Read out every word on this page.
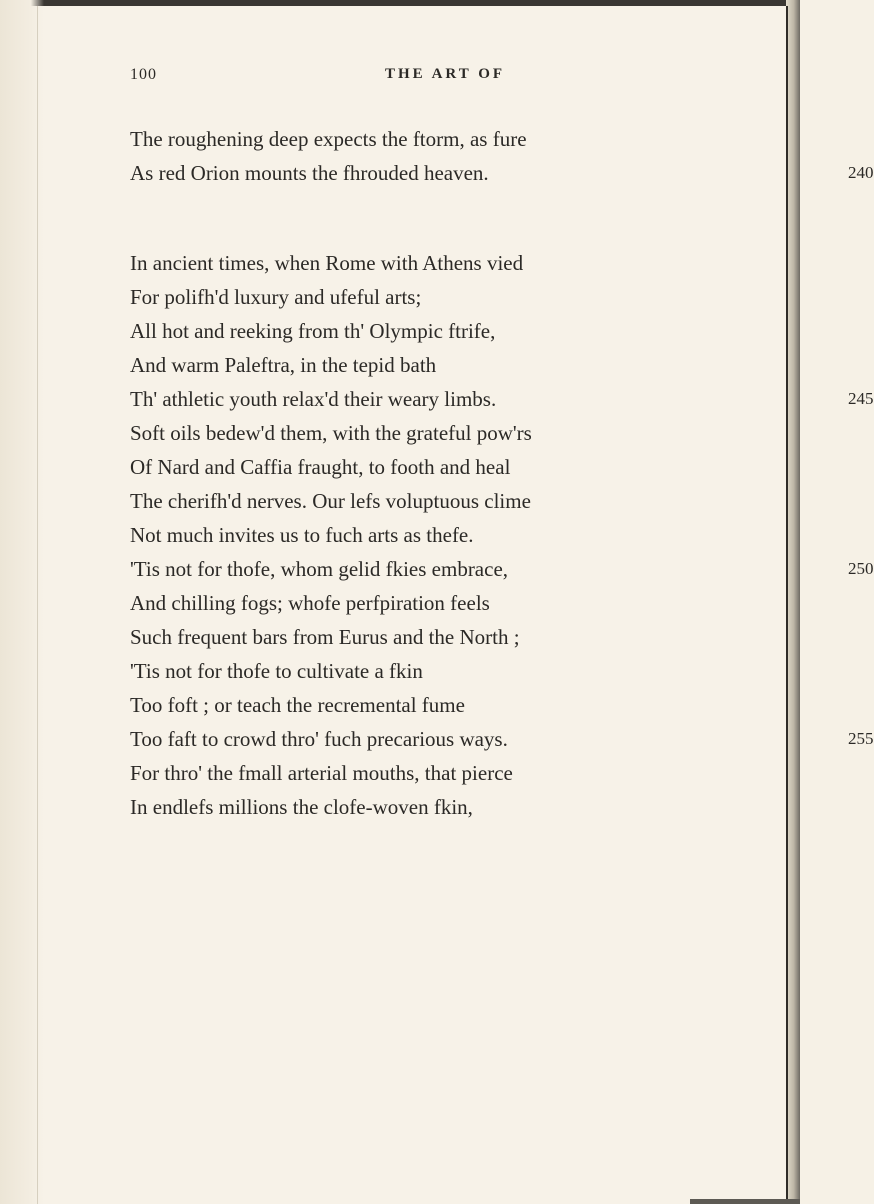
100	THE ART OF
The roughening deep expects the ftorm, as fure
As red Orion mounts the fhrouded heaven.	240
In ancient times, when Rome with Athens vied
For polifh'd luxury and ufeful arts;
All hot and reeking from th' Olympic ftrife,
And warm Paleftra, in the tepid bath
Th' athletic youth relax'd their weary limbs.	245
Soft oils bedew'd them, with the grateful pow'rs
Of Nard and Caffia fraught, to footh and heal
The cherifh'd nerves. Our lefs voluptuous clime
Not much invites us to fuch arts as thefe.
'Tis not for thofe, whom gelid fkies embrace,	250
And chilling fogs; whofe perfpiration feels
Such frequent bars from Eurus and the North ;
'Tis not for thofe to cultivate a fkin
Too foft ; or teach the recremental fume
Too faft to crowd thro' fuch precarious ways.	255
For thro' the fmall arterial mouths, that pierce
In endlefs millions the clofe-woven fkin,
